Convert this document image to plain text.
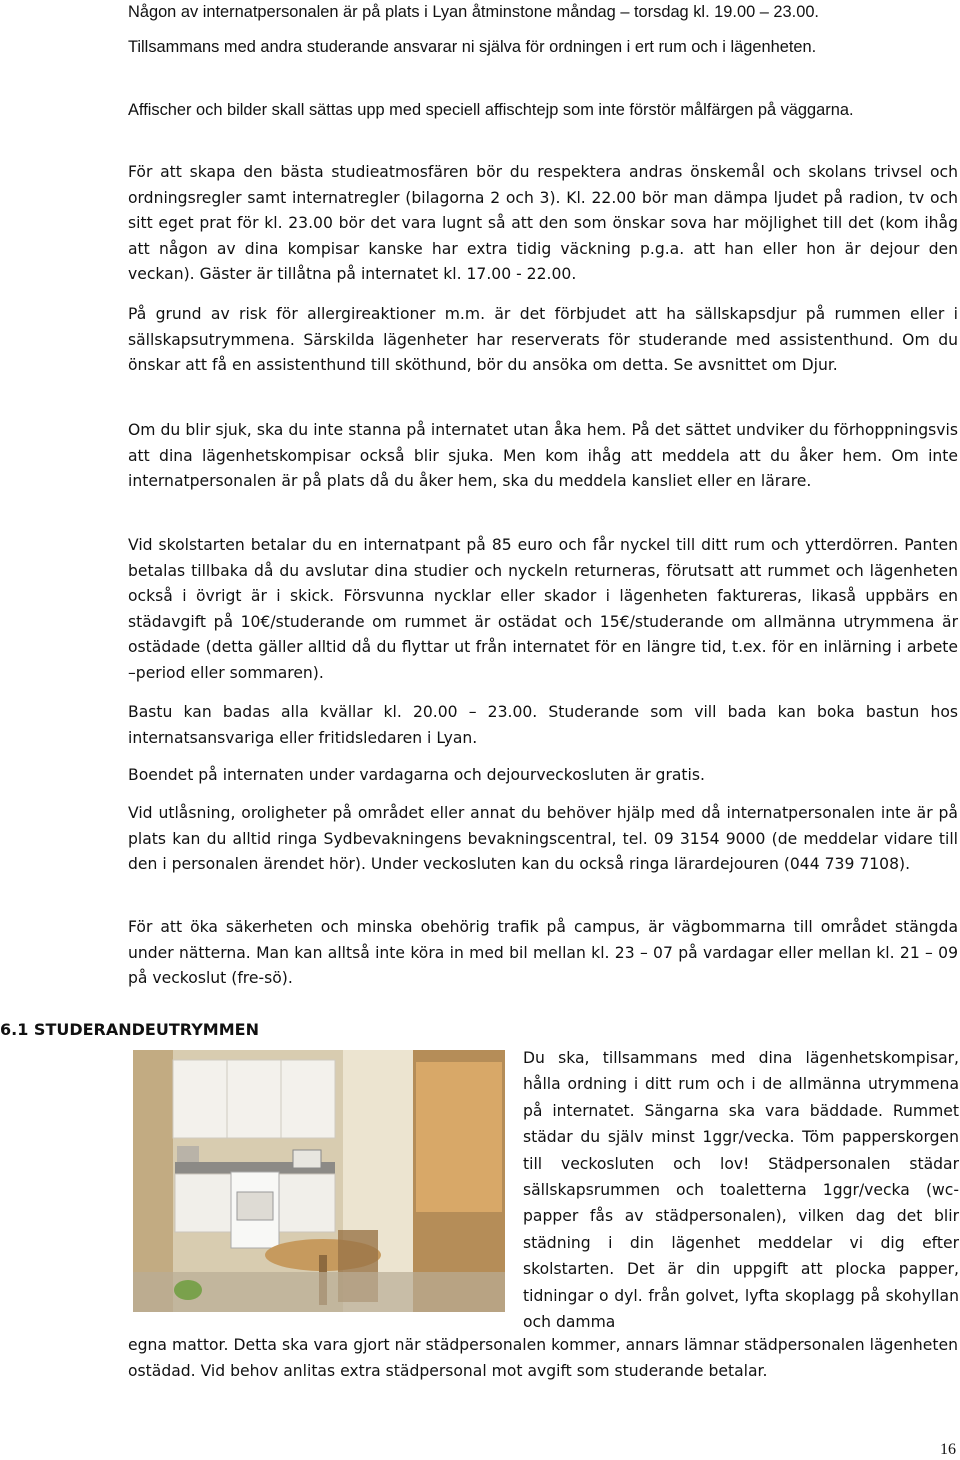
Någon av internatpersonalen är på plats i Lyan åtminstone måndag – torsdag kl. 19.00 – 23.00.

Tillsammans med andra studerande ansvarar ni själva för ordningen i ert rum och i lägenheten.

Affischer och bilder skall sättas upp med speciell affischtejp som inte förstör målfärgen på väggarna.

För att skapa den bästa studieatmosfären bör du respektera andras önskemål och skolans trivsel och ordningsregler samt internatregler (bilagorna 2 och 3). Kl. 22.00 bör man dämpa ljudet på radion, tv och sitt eget prat för kl. 23.00 bör det vara lugnt så att den som önskar sova har möjlighet till det (kom ihåg att någon av dina kompisar kanske har extra tidig väckning p.g.a. att han eller hon är dejour den veckan). Gäster är tillåtna på internatet kl. 17.00 - 22.00.

På grund av risk för allergireaktioner m.m. är det förbjudet att ha sällskapsdjur på rummen eller i sällskapsutrymmena. Särskilda lägenheter har reserverats för studerande med assistenthund. Om du önskar att få en assistenthund till sköthund, bör du ansöka om detta. Se avsnittet om Djur.

Om du blir sjuk, ska du inte stanna på internatet utan åka hem. På det sättet undviker du förhoppningsvis att dina lägenhetskompisar också blir sjuka. Men kom ihåg att meddela att du åker hem. Om inte internatpersonalen är på plats då du åker hem, ska du meddela kansliet eller en lärare.

Vid skolstarten betalar du en internatpant på 85 euro och får nyckel till ditt rum och ytterdörren. Panten betalas tillbaka då du avslutar dina studier och nyckeln returneras, förutsatt att rummet och lägenheten också i övrigt är i skick. Försvunna nycklar eller skador i lägenheten faktureras, likaså uppbärs en städavgift på 10€/studerande om rummet är ostädat och 15€/studerande om allmänna utrymmena är ostädade (detta gäller alltid då du flyttar ut från internatet för en längre tid, t.ex. för en inlärning i arbete –period eller sommaren).

Bastu kan badas alla kvällar kl. 20.00 – 23.00. Studerande som vill bada kan boka bastun hos internatsansvariga eller fritidsledaren i Lyan.

Boendet på internaten under vardagarna och dejourveckosluten är gratis.

Vid utlåsning, oroligheter på området eller annat du behöver hjälp med då internatpersonalen inte är på plats kan du alltid ringa Sydbevakningens bevakningscentral, tel. 09 3154 9000 (de meddelar vidare till den i personalen ärendet hör). Under veckosluten kan du också ringa lärardejouren (044 739 7108).

För att öka säkerheten och minska obehörig trafik på campus, är vägbommarna till området stängda under nätterna. Man kan alltså inte köra in med bil mellan kl. 23 – 07 på vardagar eller mellan kl. 21 – 09 på veckoslut (fre-sö).

6.1 STUDERANDEUTRYMMEN

Du ska, tillsammans med dina lägenhetskompisar, hålla ordning i ditt rum och i de allmänna utrymmena på internatet. Sängarna ska vara bäddade. Rummet städar du själv minst 1ggr/vecka. Töm papperskorgen till veckosluten och lov! Städpersonalen städar sällskapsrummen och toaletterna 1ggr/vecka (wc-papper fås av städpersonalen), vilken dag det blir städning i din lägenhet meddelar vi dig efter skolstarten. Det är din uppgift att plocka papper, tidningar o dyl. från golvet, lyfta skoplagg på skohyllan och damma

egna mattor. Detta ska vara gjort när städpersonalen kommer, annars lämnar städpersonalen lägenheten ostädad. Vid behov anlitas extra städpersonal mot avgift som studerande betalar.

16
